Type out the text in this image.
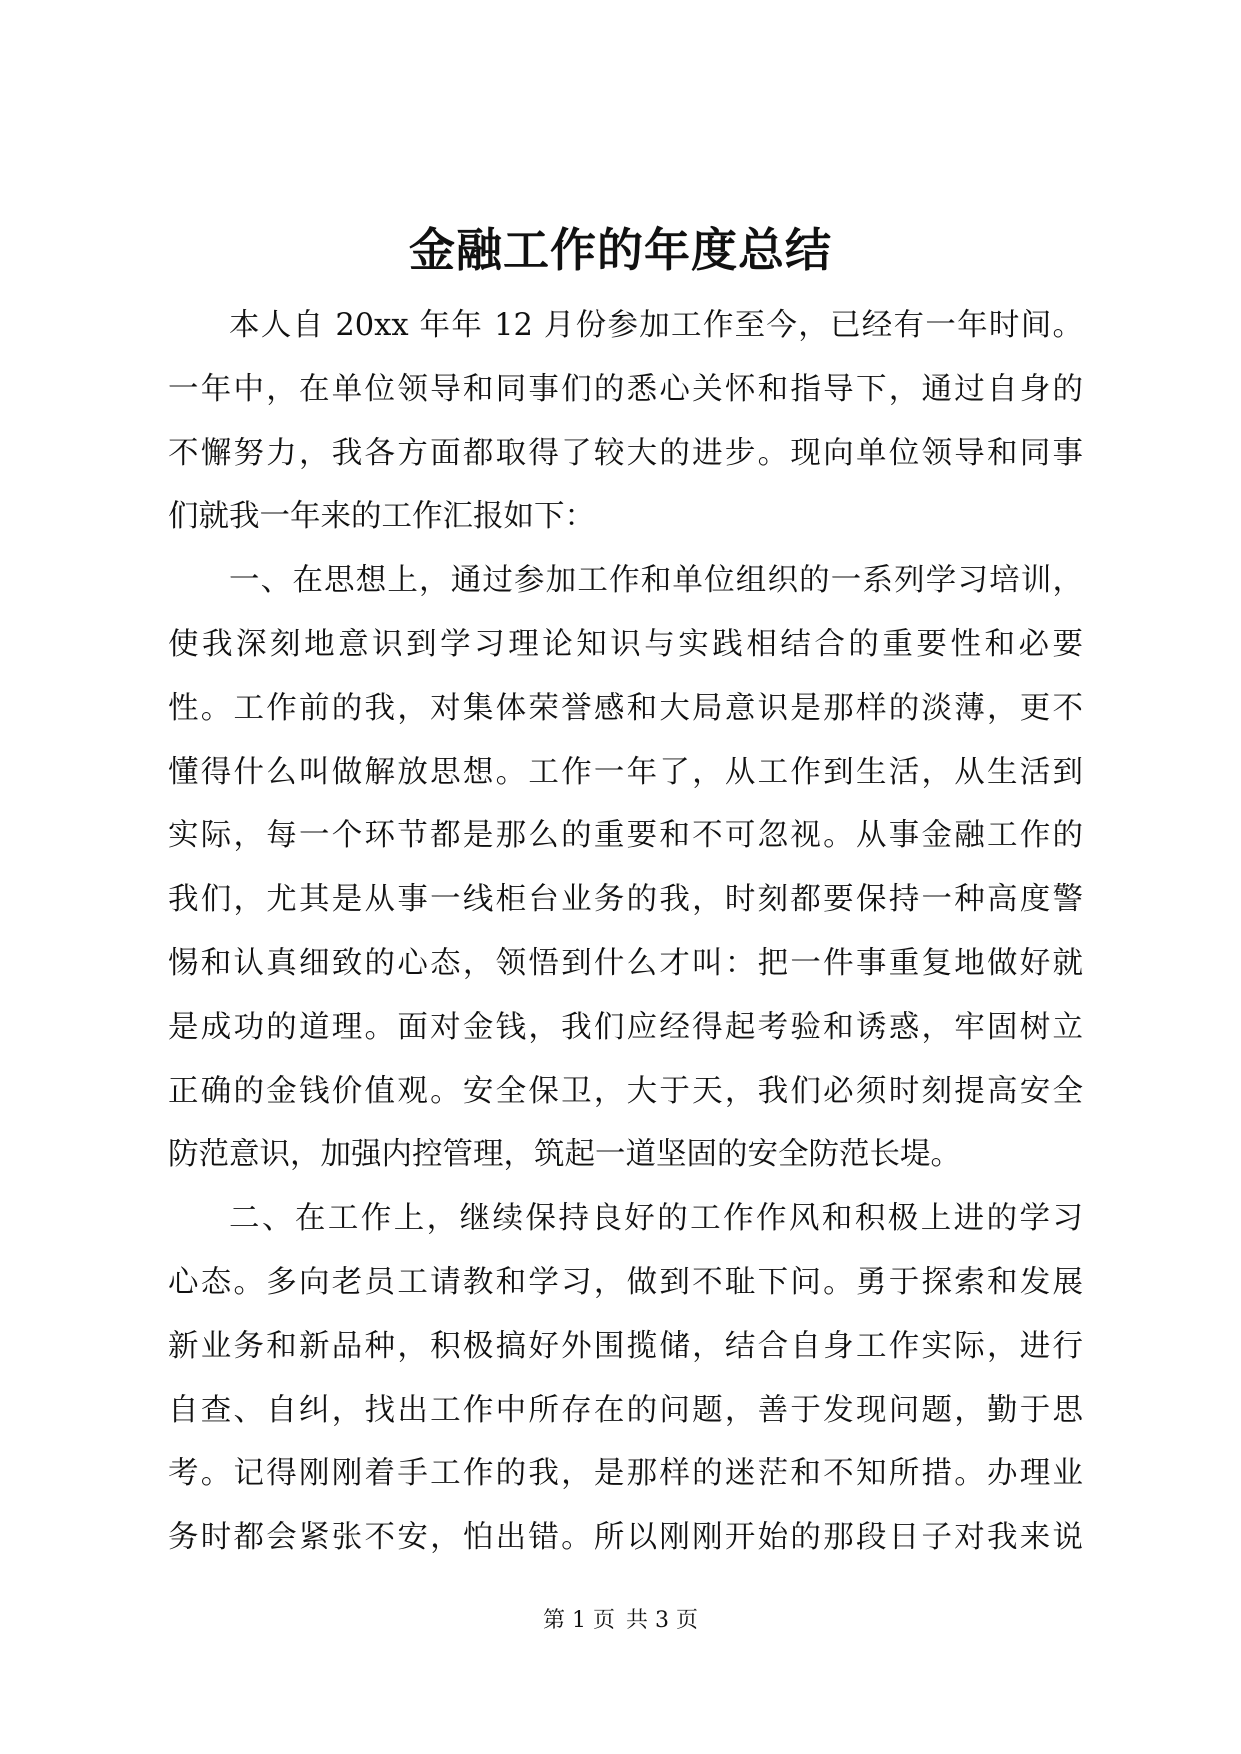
金融工作的年度总结
本人自 20xx 年年 12 月份参加工作至今，已经有一年时间。
一年中，在单位领导和同事们的悉心关怀和指导下，通过自身的
不懈努力，我各方面都取得了较大的进步。现向单位领导和同事
们就我一年来的工作汇报如下：
一、在思想上，通过参加工作和单位组织的一系列学习培训，
使我深刻地意识到学习理论知识与实践相结合的重要性和必要
性。工作前的我，对集体荣誉感和大局意识是那样的淡薄，更不
懂得什么叫做解放思想。工作一年了，从工作到生活，从生活到
实际，每一个环节都是那么的重要和不可忽视。从事金融工作的
我们，尤其是从事一线柜台业务的我，时刻都要保持一种高度警
惕和认真细致的心态，领悟到什么才叫：把一件事重复地做好就
是成功的道理。面对金钱，我们应经得起考验和诱惑，牢固树立
正确的金钱价值观。安全保卫，大于天，我们必须时刻提高安全
防范意识，加强内控管理，筑起一道坚固的安全防范长堤。
二、在工作上，继续保持良好的工作作风和积极上进的学习
心态。多向老员工请教和学习，做到不耻下问。勇于探索和发展
新业务和新品种，积极搞好外围揽储，结合自身工作实际，进行
自查、自纠，找出工作中所存在的问题，善于发现问题，勤于思
考。记得刚刚着手工作的我，是那样的迷茫和不知所措。办理业
务时都会紧张不安，怕出错。所以刚刚开始的那段日子对我来说
第 1 页 共 3 页
